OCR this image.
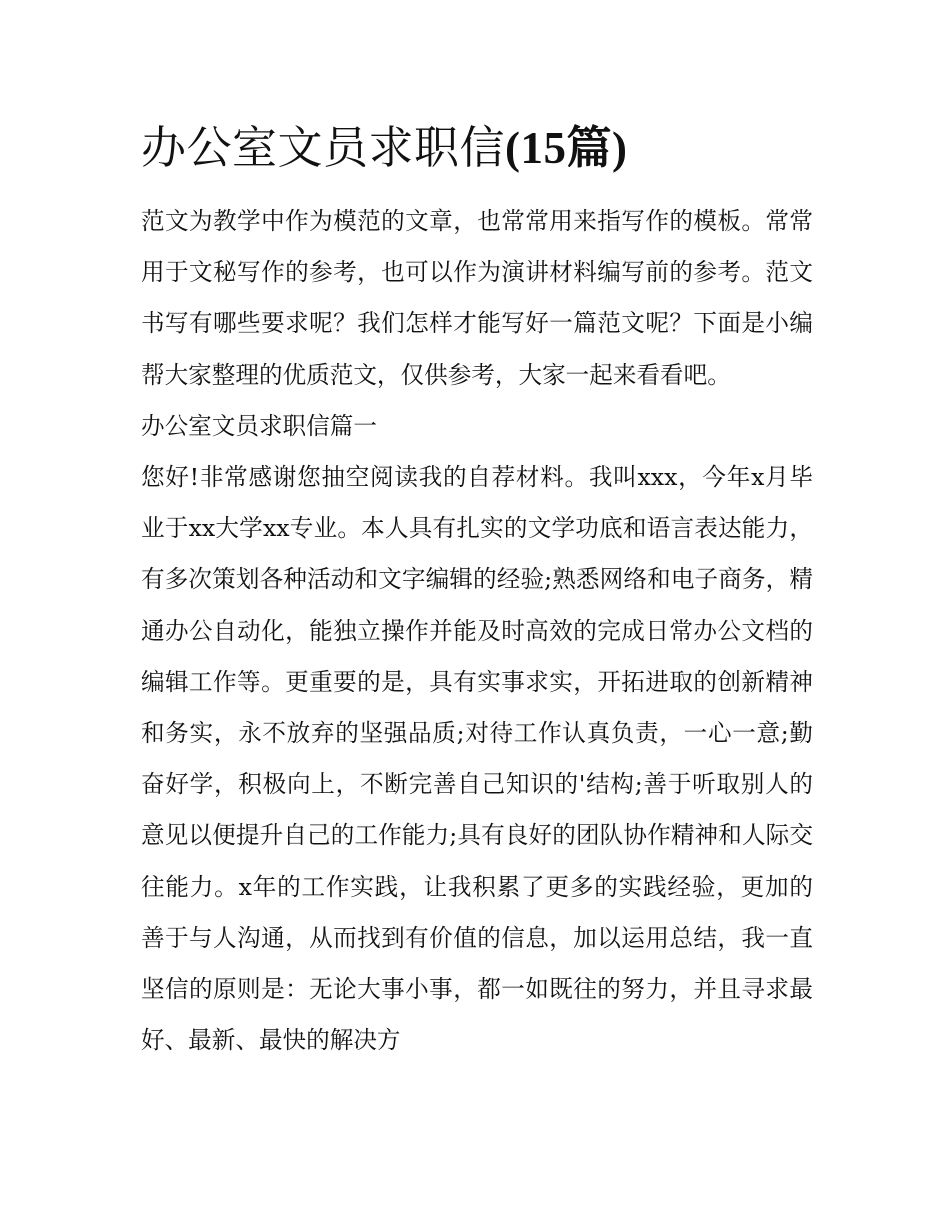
办公室文员求职信(15篇)

范文为教学中作为模范的文章，也常常用来指写作的模板。常常用于文秘写作的参考，也可以作为演讲材料编写前的参考。范文书写有哪些要求呢？我们怎样才能写好一篇范文呢？下面是小编帮大家整理的优质范文，仅供参考，大家一起来看看吧。

办公室文员求职信篇一

您好!非常感谢您抽空阅读我的自荐材料。我叫xxx，今年x月毕业于xx大学xx专业。本人具有扎实的文学功底和语言表达能力，有多次策划各种活动和文字编辑的经验;熟悉网络和电子商务，精通办公自动化，能独立操作并能及时高效的完成日常办公文档的编辑工作等。更重要的是，具有实事求实，开拓进取的创新精神和务实，永不放弃的坚强品质;对待工作认真负责，一心一意;勤奋好学，积极向上，不断完善自己知识的'结构;善于听取别人的意见以便提升自己的工作能力;具有良好的团队协作精神和人际交往能力。x年的工作实践，让我积累了更多的实践经验，更加的善于与人沟通，从而找到有价值的信息，加以运用总结，我一直坚信的原则是：无论大事小事，都一如既往的努力，并且寻求最好、最新、最快的解决方
